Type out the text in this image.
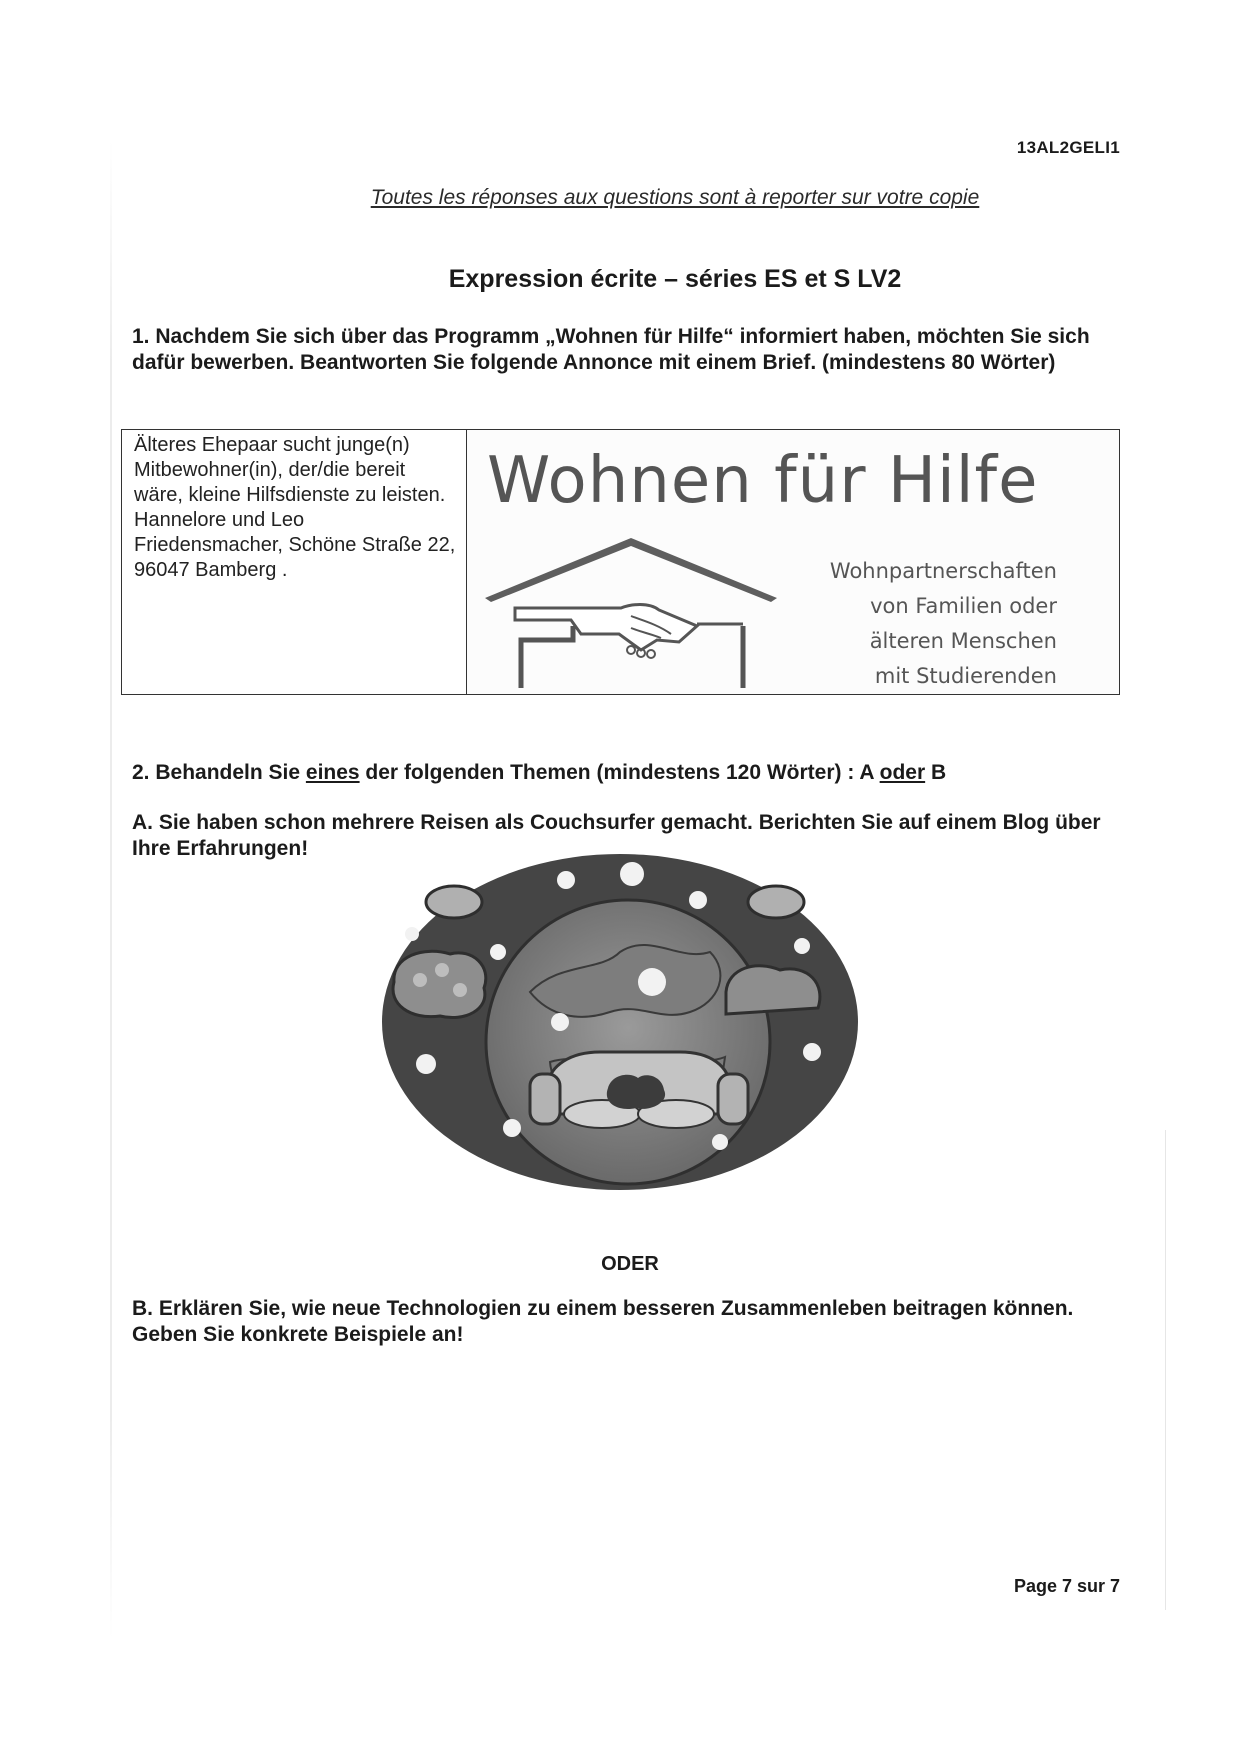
13AL2GELI1
Toutes les réponses aux questions sont à reporter sur votre copie
Expression écrite – séries ES et S LV2
1. Nachdem Sie sich über das Programm „Wohnen für Hilfe“ informiert haben, möchten Sie sich dafür bewerben. Beantworten Sie folgende Annonce mit einem Brief. (mindestens 80 Wörter)
Älteres Ehepaar sucht junge(n) Mitbewohner(in), der/die bereit wäre, kleine Hilfsdienste zu leisten. Hannelore und Leo Friedensmacher, Schöne Straße 22, 96047 Bamberg .
Wohnen für Hilfe
Wohnpartnerschaften
von Familien oder
älteren Menschen
mit Studierenden
2. Behandeln Sie eines der folgenden Themen (mindestens 120 Wörter) : A oder B
A. Sie haben schon mehrere Reisen als Couchsurfer gemacht. Berichten Sie auf einem Blog über Ihre Erfahrungen!
ODER
B. Erklären Sie, wie neue Technologien zu einem besseren Zusammenleben beitragen können. Geben Sie konkrete Beispiele an!
Page 7 sur 7
